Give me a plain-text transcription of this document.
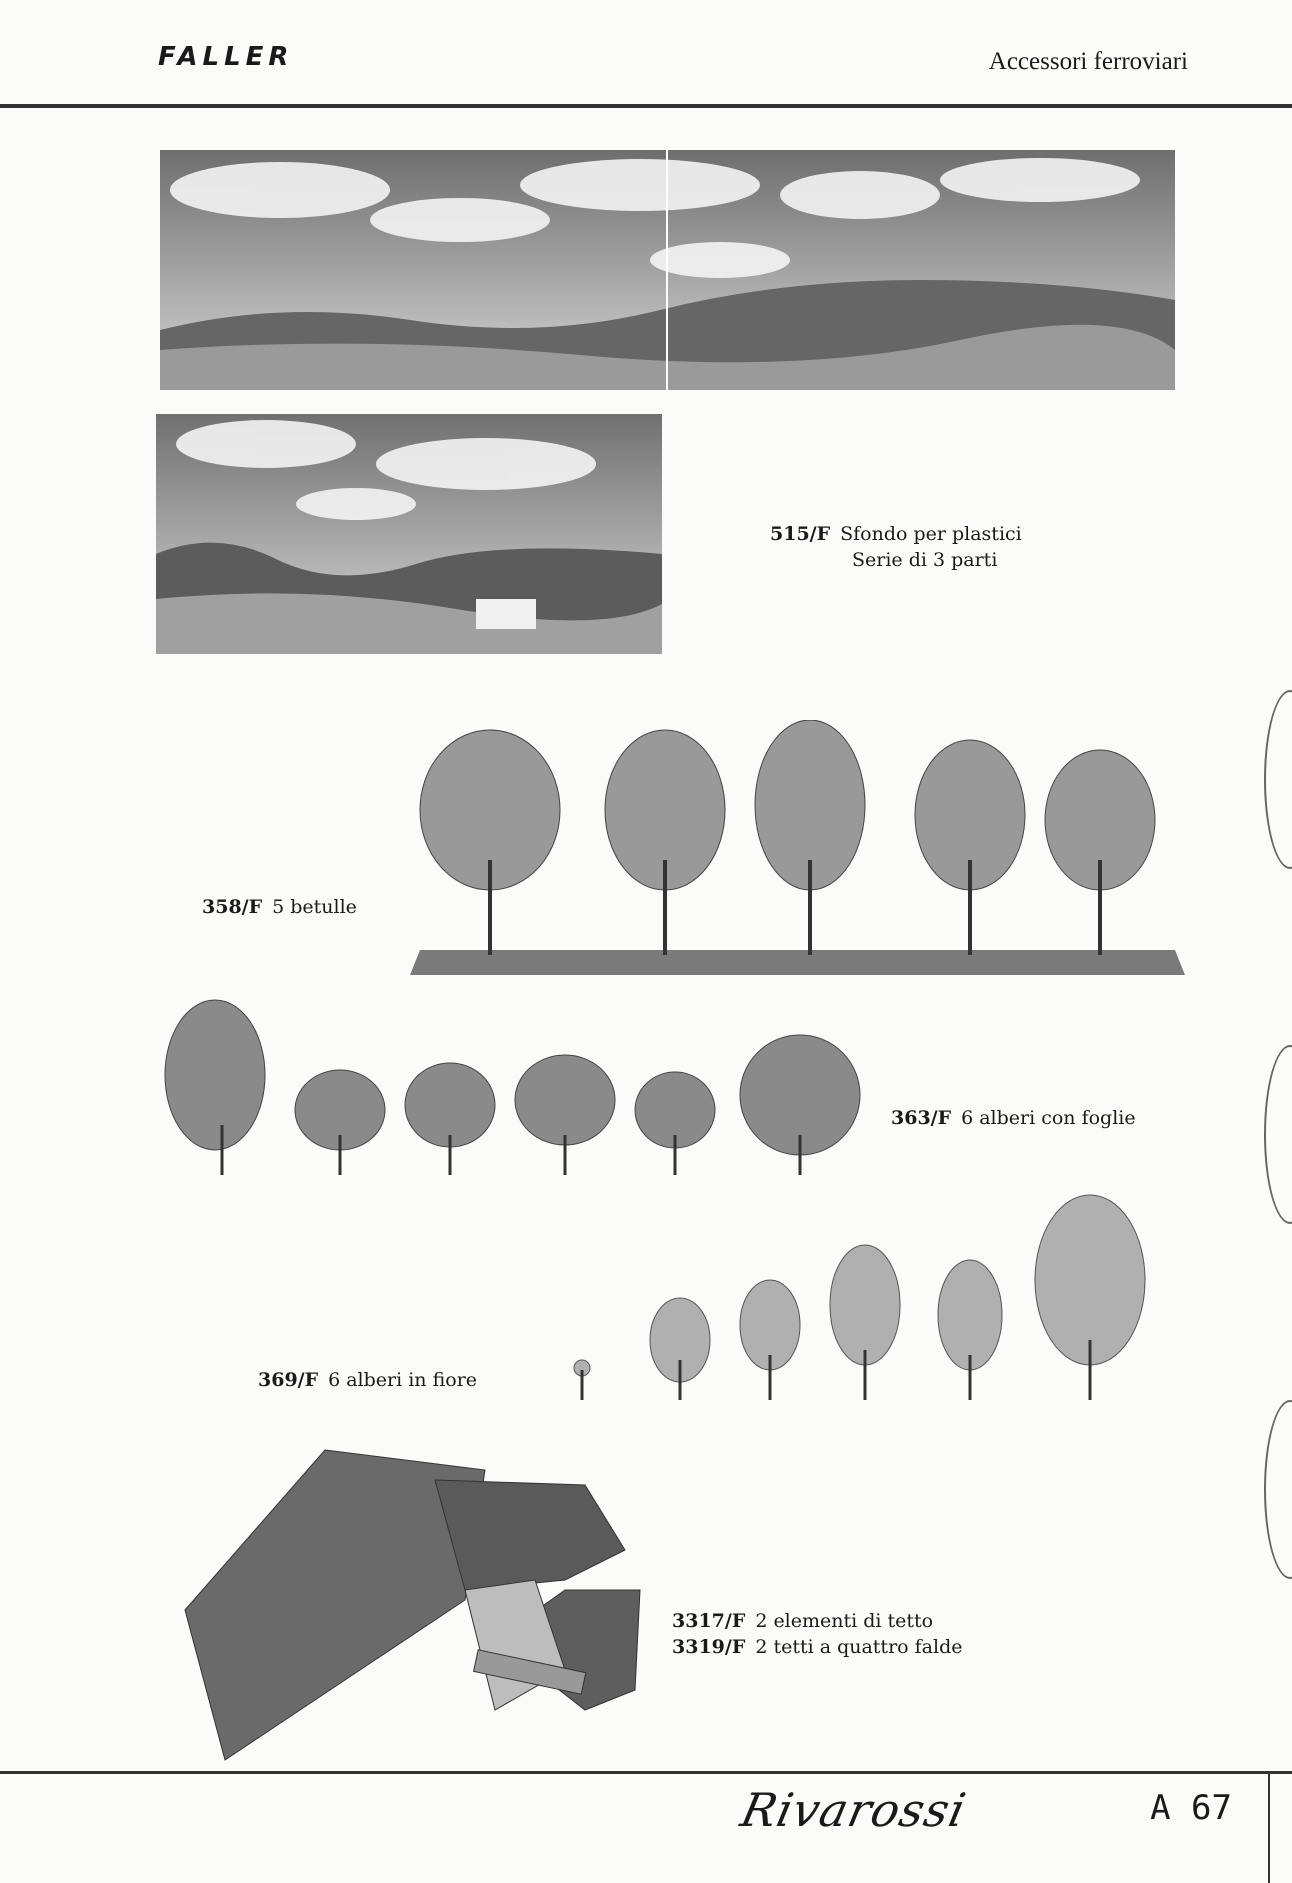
FALLER	Accessori ferroviari
515/F Sfondo per plastici
Serie di 3 parti
358/F 5 betulle
363/F 6 alberi con foglie
369/F 6 alberi in fiore
3317/F 2 elementi di tetto
3319/F 2 tetti a quattro falde
Rivarossi	A 67
